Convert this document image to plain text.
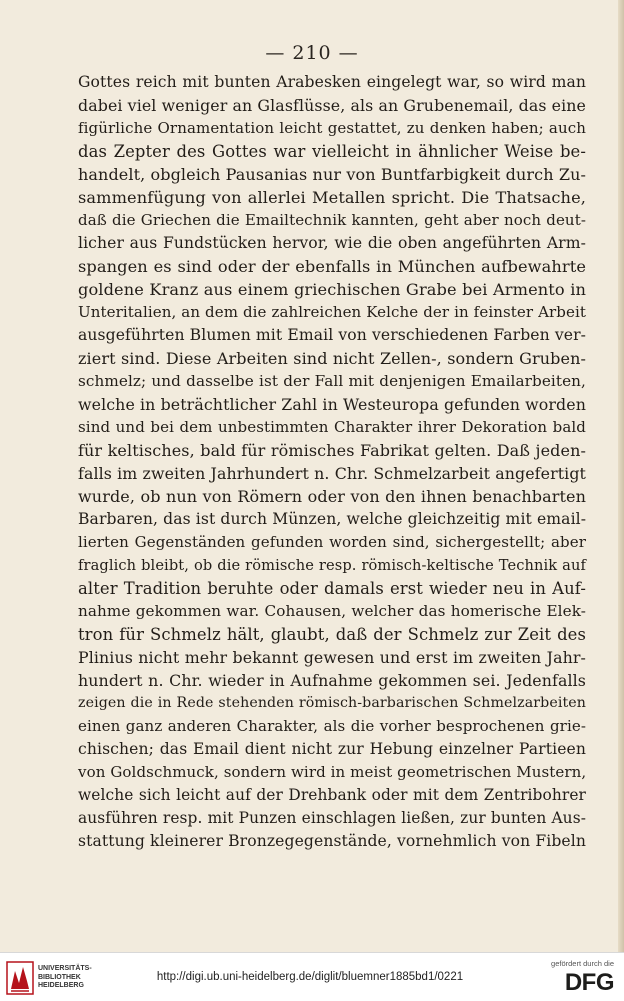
— 210 —
Gottes reich mit bunten Arabesken eingelegt war, so wird man
dabei viel weniger an Glasflüsse, als an Grubenemail, das eine
figürliche Ornamentation leicht gestattet, zu denken haben; auch
das Zepter des Gottes war vielleicht in ähnlicher Weise be-
handelt, obgleich Pausanias nur von Buntfarbigkeit durch Zu-
sammenfügung von allerlei Metallen spricht. Die Thatsache,
daß die Griechen die Emailtechnik kannten, geht aber noch deut-
licher aus Fundstücken hervor, wie die oben angeführten Arm-
spangen es sind oder der ebenfalls in München aufbewahrte
goldene Kranz aus einem griechischen Grabe bei Armento in
Unteritalien, an dem die zahlreichen Kelche der in feinster Arbeit
ausgeführten Blumen mit Email von verschiedenen Farben ver-
ziert sind. Diese Arbeiten sind nicht Zellen-, sondern Gruben-
schmelz; und dasselbe ist der Fall mit denjenigen Emailarbeiten,
welche in beträchtlicher Zahl in Westeuropa gefunden worden
sind und bei dem unbestimmten Charakter ihrer Dekoration bald
für keltisches, bald für römisches Fabrikat gelten. Daß jeden-
falls im zweiten Jahrhundert n. Chr. Schmelzarbeit angefertigt
wurde, ob nun von Römern oder von den ihnen benachbarten
Barbaren, das ist durch Münzen, welche gleichzeitig mit email-
lierten Gegenständen gefunden worden sind, sichergestellt; aber
fraglich bleibt, ob die römische resp. römisch-keltische Technik auf
alter Tradition beruhte oder damals erst wieder neu in Auf-
nahme gekommen war. Cohausen, welcher das homerische Elek-
tron für Schmelz hält, glaubt, daß der Schmelz zur Zeit des
Plinius nicht mehr bekannt gewesen und erst im zweiten Jahr-
hundert n. Chr. wieder in Aufnahme gekommen sei. Jedenfalls
zeigen die in Rede stehenden römisch-barbarischen Schmelzarbeiten
einen ganz anderen Charakter, als die vorher besprochenen grie-
chischen; das Email dient nicht zur Hebung einzelner Partieen
von Goldschmuck, sondern wird in meist geometrischen Mustern,
welche sich leicht auf der Drehbank oder mit dem Zentribohrer
ausführen resp. mit Punzen einschlagen ließen, zur bunten Aus-
stattung kleinerer Bronzegegenstände, vornehmlich von Fibeln
UNIVERSITÄTS-
BIBLIOTHEK
HEIDELBERG
http://digi.ub.uni-heidelberg.de/diglit/bluemner1885bd1/0221
gefördert durch die
DFG
